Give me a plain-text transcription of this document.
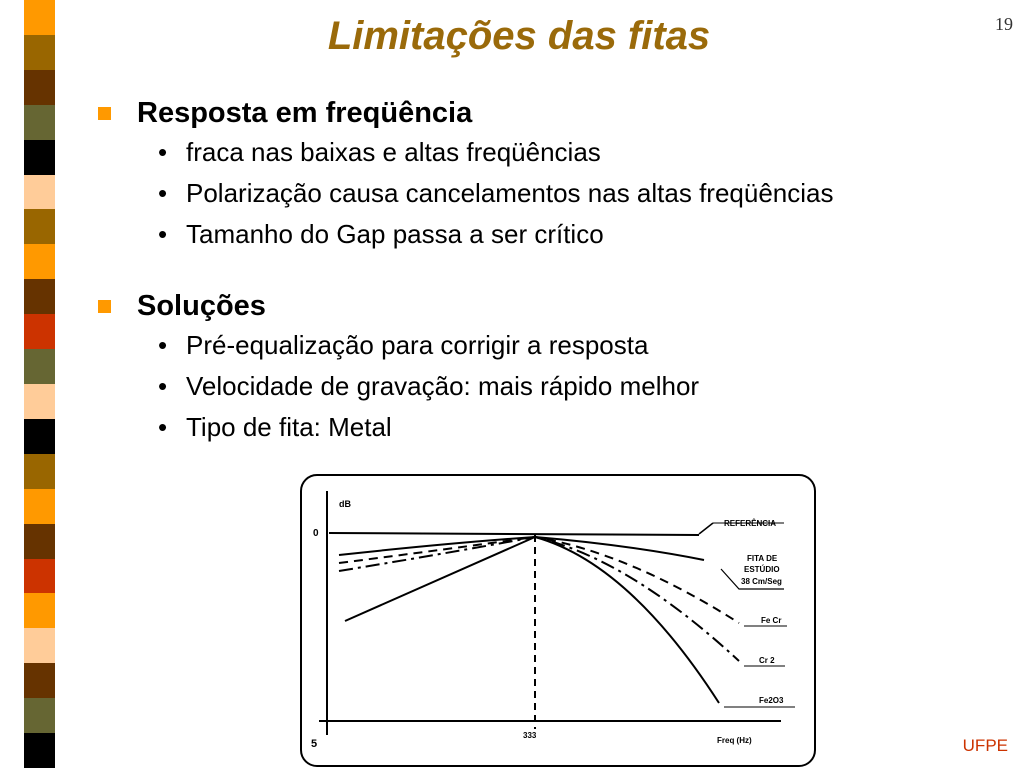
19
Limitações das fitas
Resposta em freqüência
• fraca nas baixas e altas freqüências
• Polarização causa cancelamentos nas altas freqüências
• Tamanho do Gap passa a ser crítico
Soluções
• Pré-equalização para corrigir a resposta
• Velocidade de gravação: mais rápido melhor
• Tipo de fita: Metal
dB
0
5
333
Freq (Hz)
REFERÊNCIA
FITA DE
ESTÚDIO
38 Cm/Seg
Fe Cr
Cr 2
Fe2O3
UFPE
